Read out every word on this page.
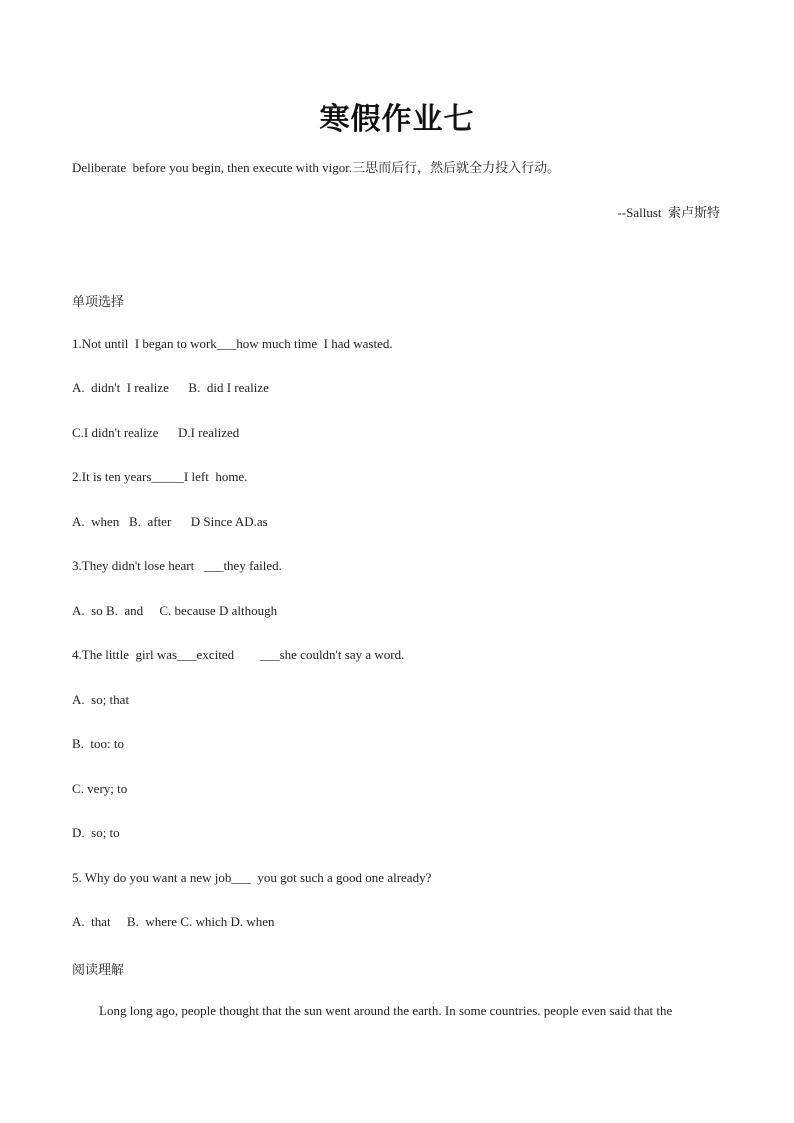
寒假作业七
Deliberate  before you begin, then execute with vigor.三思而后行，然后就全力投入行动。
--Sallust  索卢斯特
单项选择
1.Not until  I began to work___how much time  I had wasted.
A.  didn't  I realize      B.  did I realize
C.I didn't realize      D.I realized
2.It is ten years_____I left  home.
A.  when   B.  after      D Since AD.as
3.They didn't lose heart   ___they failed.
A.  so B.  and     C. because D although
4.The little  girl was___excited        ___she couldn't say a word.
A.  so; that
B.  too: to
C. very; to
D.  so; to
5. Why do you want a new job___  you got such a good one already?
A.  that     B.  where C. which D. when
阅读理解
Long long ago, people thought that the sun went around the earth. In some countries. people even said that the
